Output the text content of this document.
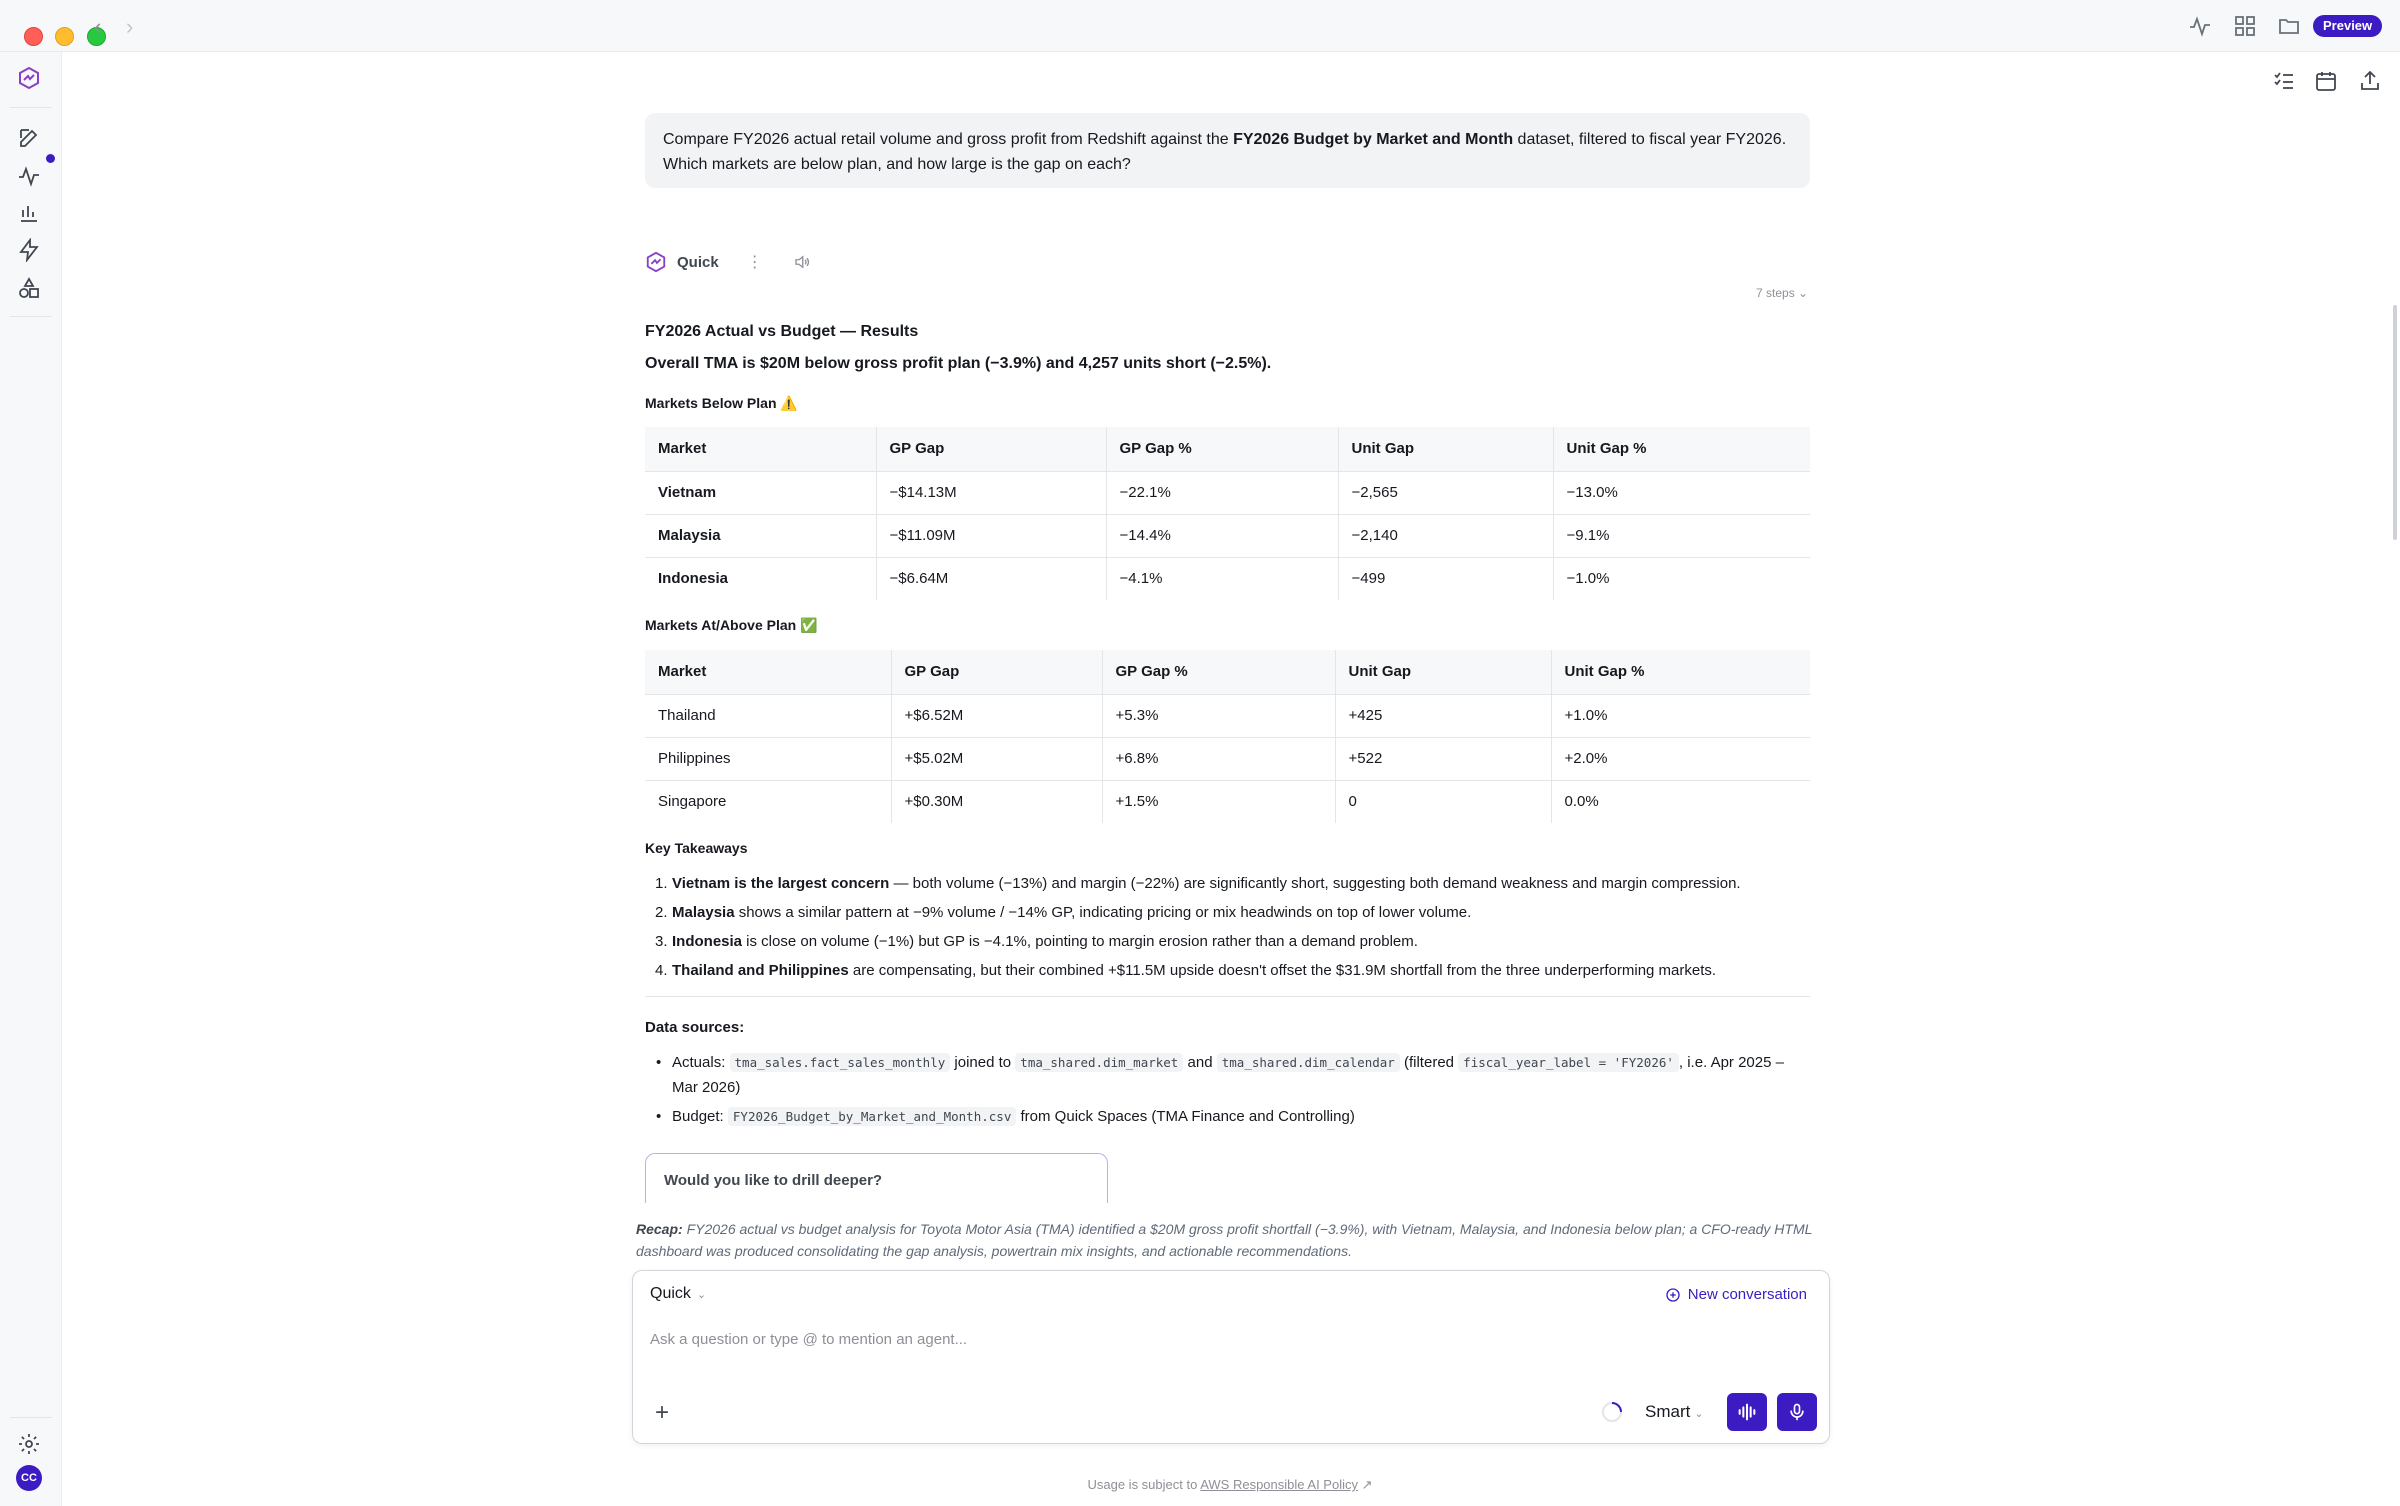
‹ ›	Preview
CC
Compare FY2026 actual retail volume and gross profit from Redshift against the FY2026 Budget by Market and Month dataset, filtered to fiscal year FY2026.
Which markets are below plan, and how large is the gap on each?
Quick ⋮
7 steps ⌄
FY2026 Actual vs Budget — Results
Overall TMA is $20M below gross profit plan (−3.9%) and 4,257 units short (−2.5%).
Markets Below Plan ⚠️
Market	GP Gap	GP Gap %	Unit Gap	Unit Gap %
Vietnam	−$14.13M	−22.1%	−2,565	−13.0%
Malaysia	−$11.09M	−14.4%	−2,140	−9.1%
Indonesia	−$6.64M	−4.1%	−499	−1.0%
Markets At/Above Plan ✅
Market	GP Gap	GP Gap %	Unit Gap	Unit Gap %
Thailand	+$6.52M	+5.3%	+425	+1.0%
Philippines	+$5.02M	+6.8%	+522	+2.0%
Singapore	+$0.30M	+1.5%	0	0.0%
Key Takeaways
1. Vietnam is the largest concern — both volume (−13%) and margin (−22%) are significantly short, suggesting both demand weakness and margin compression.
2. Malaysia shows a similar pattern at −9% volume / −14% GP, indicating pricing or mix headwinds on top of lower volume.
3. Indonesia is close on volume (−1%) but GP is −4.1%, pointing to margin erosion rather than a demand problem.
4. Thailand and Philippines are compensating, but their combined +$11.5M upside doesn't offset the $31.9M shortfall from the three underperforming markets.
Data sources:
• Actuals: tma_sales.fact_sales_monthly joined to tma_shared.dim_market and tma_shared.dim_calendar (filtered fiscal_year_label = 'FY2026' , i.e. Apr 2025 – Mar 2026)
• Budget: FY2026_Budget_by_Market_and_Month.csv from Quick Spaces (TMA Finance and Controlling)
Would you like to drill deeper?
Recap: FY2026 actual vs budget analysis for Toyota Motor Asia (TMA) identified a $20M gross profit shortfall (−3.9%), with Vietnam, Malaysia, and Indonesia below plan; a CFO-ready HTML dashboard was produced consolidating the gap analysis, powertrain mix insights, and actionable recommendations.
Quick ⌄	New conversation
Ask a question or type @ to mention an agent...
+	Smart ⌄
Usage is subject to AWS Responsible AI Policy ↗
